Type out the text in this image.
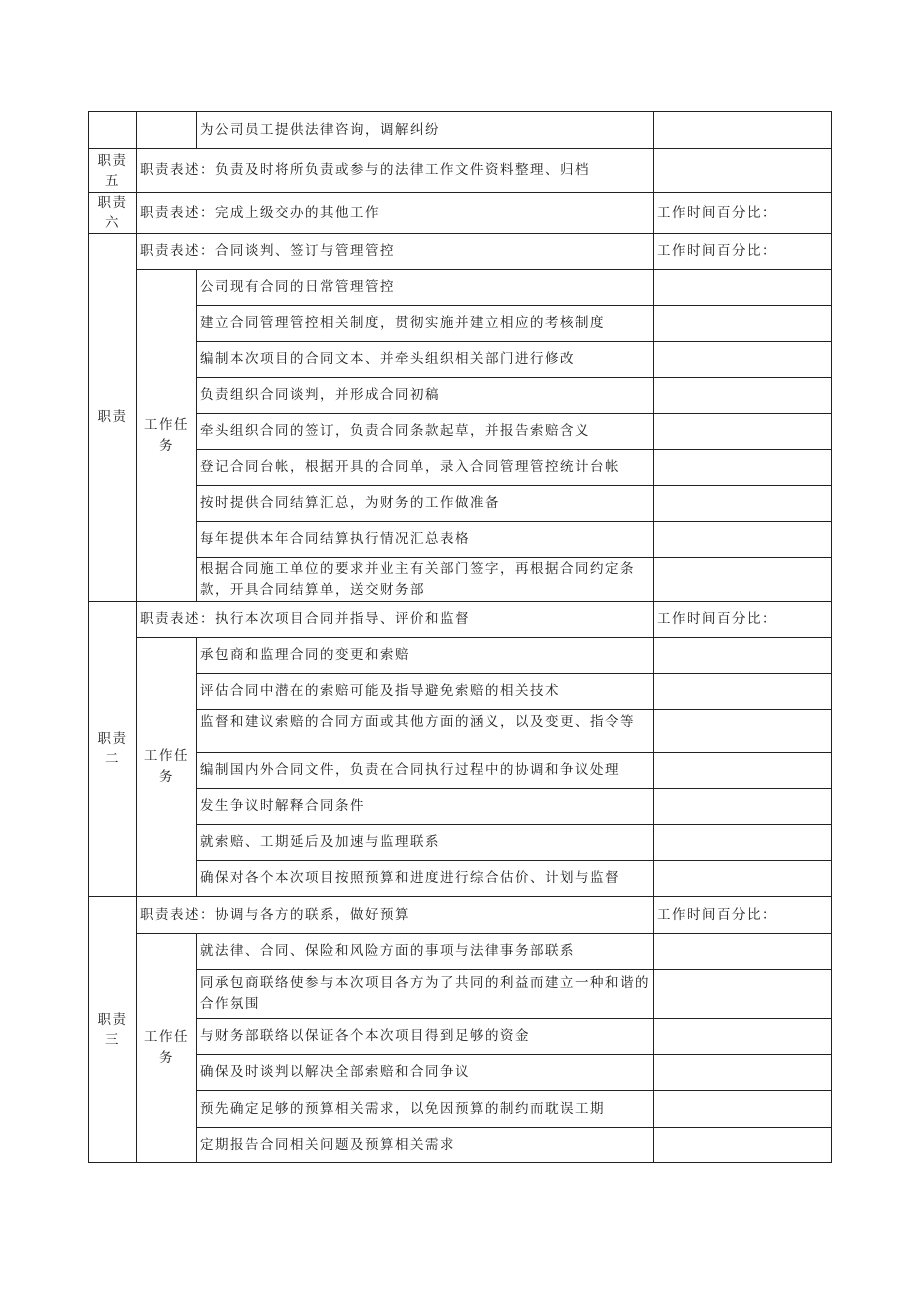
		为公司员工提供法律咨询，调解纠纷	
职责五	职责表述：负责及时将所负责或参与的法律工作文件资料整理、归档		
职责六	职责表述：完成上级交办的其他工作		工作时间百分比：
职责	职责表述：合同谈判、签订与管理管控		工作时间百分比：
	工作任务	公司现有合同的日常管理管控	
		建立合同管理管控相关制度，贯彻实施并建立相应的考核制度	
		编制本次项目的合同文本、并牵头组织相关部门进行修改	
		负责组织合同谈判，并形成合同初稿	
		牵头组织合同的签订，负责合同条款起草，并报告索赔含义	
		登记合同台帐，根据开具的合同单，录入合同管理管控统计台帐	
		按时提供合同结算汇总，为财务的工作做准备	
		每年提供本年合同结算执行情况汇总表格	
		根据合同施工单位的要求并业主有关部门签字，再根据合同约定条款，开具合同结算单，送交财务部	
职责二	职责表述：执行本次项目合同并指导、评价和监督		工作时间百分比：
	工作任务	承包商和监理合同的变更和索赔	
		评估合同中潜在的索赔可能及指导避免索赔的相关技术	
		监督和建议索赔的合同方面或其他方面的涵义，以及变更、指令等	
		编制国内外合同文件，负责在合同执行过程中的协调和争议处理	
		发生争议时解释合同条件	
		就索赔、工期延后及加速与监理联系	
		确保对各个本次项目按照预算和进度进行综合估价、计划与监督	
职责三	职责表述：协调与各方的联系，做好预算		工作时间百分比：
	工作任务	就法律、合同、保险和风险方面的事项与法律事务部联系	
		同承包商联络使参与本次项目各方为了共同的利益而建立一种和谐的合作氛围	
		与财务部联络以保证各个本次项目得到足够的资金	
		确保及时谈判以解决全部索赔和合同争议	
		预先确定足够的预算相关需求，以免因预算的制约而耽误工期	
		定期报告合同相关问题及预算相关需求	
